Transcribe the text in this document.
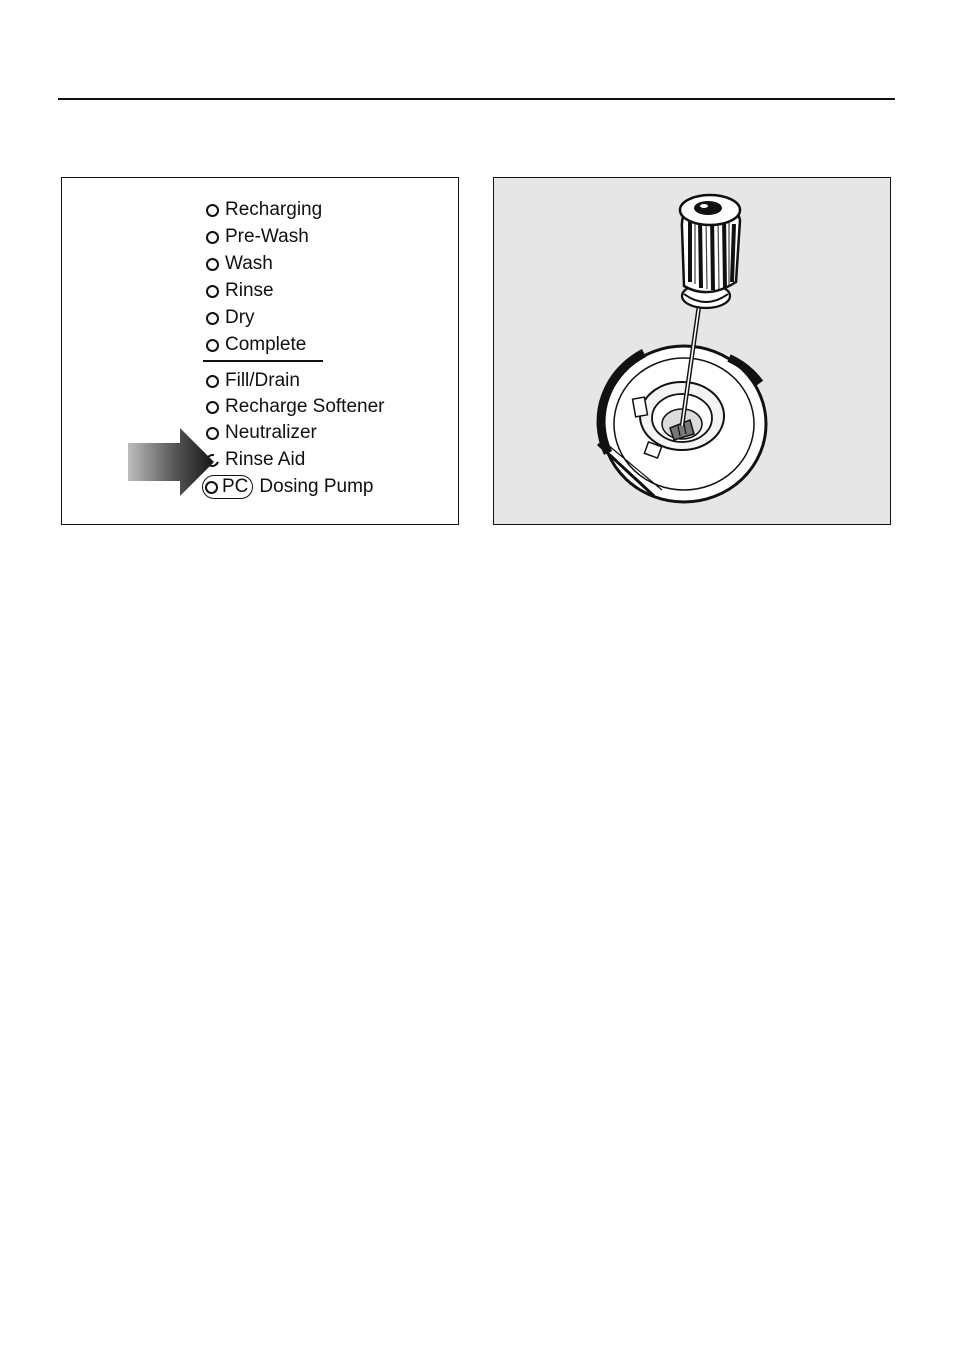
Recharging
Pre-Wash
Wash
Rinse
Dry
Complete
Fill/Drain
Recharge Softener
Neutralizer
Rinse Aid
PC Dosing Pump
